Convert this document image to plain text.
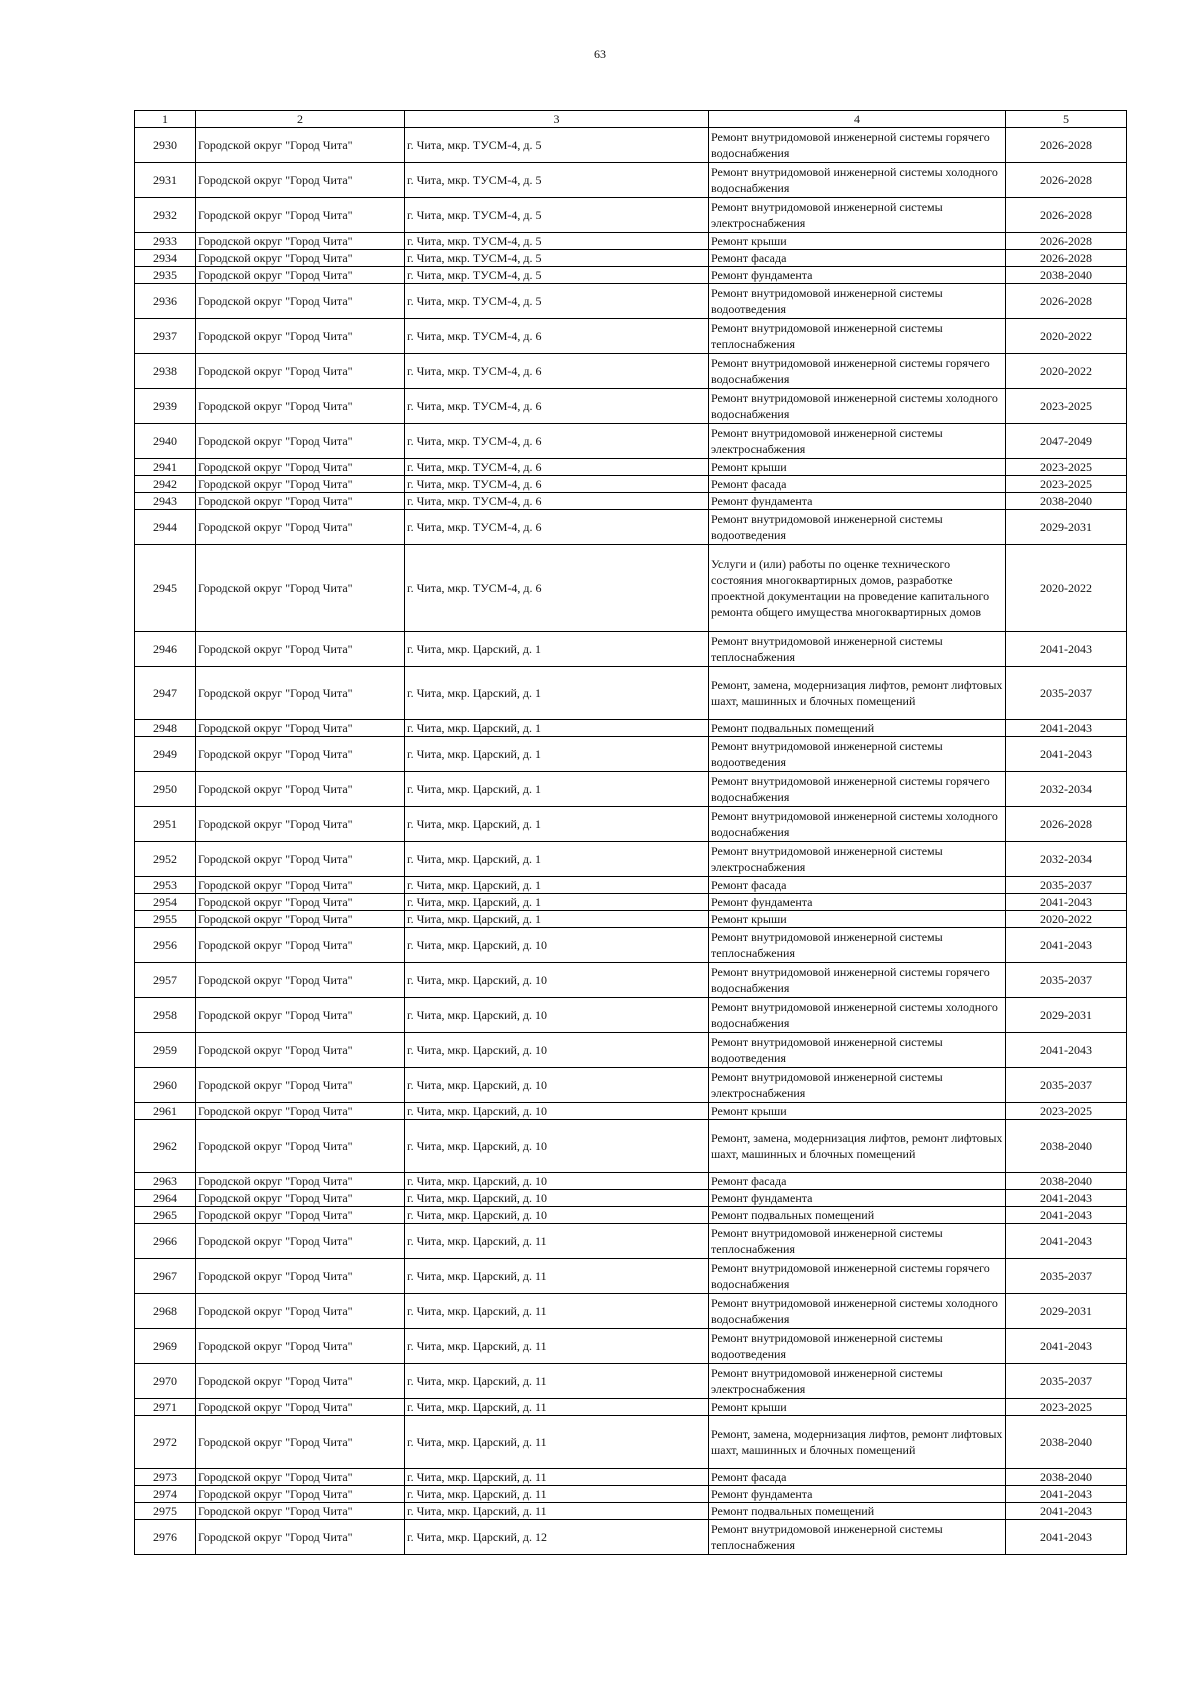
63
1	2	3	4	5
2930	Городской округ "Город Чита"	г. Чита, мкр. ТУСМ-4, д. 5	Ремонт внутридомовой инженерной системы горячего водоснабжения	2026-2028
2931	Городской округ "Город Чита"	г. Чита, мкр. ТУСМ-4, д. 5	Ремонт внутридомовой инженерной системы холодного водоснабжения	2026-2028
2932	Городской округ "Город Чита"	г. Чита, мкр. ТУСМ-4, д. 5	Ремонт внутридомовой инженерной системы электроснабжения	2026-2028
2933	Городской округ "Город Чита"	г. Чита, мкр. ТУСМ-4, д. 5	Ремонт крыши	2026-2028
2934	Городской округ "Город Чита"	г. Чита, мкр. ТУСМ-4, д. 5	Ремонт фасада	2026-2028
2935	Городской округ "Город Чита"	г. Чита, мкр. ТУСМ-4, д. 5	Ремонт фундамента	2038-2040
2936	Городской округ "Город Чита"	г. Чита, мкр. ТУСМ-4, д. 5	Ремонт внутридомовой инженерной системы водоотведения	2026-2028
2937	Городской округ "Город Чита"	г. Чита, мкр. ТУСМ-4, д. 6	Ремонт внутридомовой инженерной системы теплоснабжения	2020-2022
2938	Городской округ "Город Чита"	г. Чита, мкр. ТУСМ-4, д. 6	Ремонт внутридомовой инженерной системы горячего водоснабжения	2020-2022
2939	Городской округ "Город Чита"	г. Чита, мкр. ТУСМ-4, д. 6	Ремонт внутридомовой инженерной системы холодного водоснабжения	2023-2025
2940	Городской округ "Город Чита"	г. Чита, мкр. ТУСМ-4, д. 6	Ремонт внутридомовой инженерной системы электроснабжения	2047-2049
2941	Городской округ "Город Чита"	г. Чита, мкр. ТУСМ-4, д. 6	Ремонт крыши	2023-2025
2942	Городской округ "Город Чита"	г. Чита, мкр. ТУСМ-4, д. 6	Ремонт фасада	2023-2025
2943	Городской округ "Город Чита"	г. Чита, мкр. ТУСМ-4, д. 6	Ремонт фундамента	2038-2040
2944	Городской округ "Город Чита"	г. Чита, мкр. ТУСМ-4, д. 6	Ремонт внутридомовой инженерной системы водоотведения	2029-2031
2945	Городской округ "Город Чита"	г. Чита, мкр. ТУСМ-4, д. 6	Услуги и (или) работы по оценке технического состояния многоквартирных домов, разработке проектной документации на проведение капитального ремонта общего имущества многоквартирных домов	2020-2022
2946	Городской округ "Город Чита"	г. Чита, мкр. Царский, д. 1	Ремонт внутридомовой инженерной системы теплоснабжения	2041-2043
2947	Городской округ "Город Чита"	г. Чита, мкр. Царский, д. 1	Ремонт, замена, модернизация лифтов, ремонт лифтовых шахт, машинных и блочных помещений	2035-2037
2948	Городской округ "Город Чита"	г. Чита, мкр. Царский, д. 1	Ремонт подвальных помещений	2041-2043
2949	Городской округ "Город Чита"	г. Чита, мкр. Царский, д. 1	Ремонт внутридомовой инженерной системы водоотведения	2041-2043
2950	Городской округ "Город Чита"	г. Чита, мкр. Царский, д. 1	Ремонт внутридомовой инженерной системы горячего водоснабжения	2032-2034
2951	Городской округ "Город Чита"	г. Чита, мкр. Царский, д. 1	Ремонт внутридомовой инженерной системы холодного водоснабжения	2026-2028
2952	Городской округ "Город Чита"	г. Чита, мкр. Царский, д. 1	Ремонт внутридомовой инженерной системы электроснабжения	2032-2034
2953	Городской округ "Город Чита"	г. Чита, мкр. Царский, д. 1	Ремонт фасада	2035-2037
2954	Городской округ "Город Чита"	г. Чита, мкр. Царский, д. 1	Ремонт фундамента	2041-2043
2955	Городской округ "Город Чита"	г. Чита, мкр. Царский, д. 1	Ремонт крыши	2020-2022
2956	Городской округ "Город Чита"	г. Чита, мкр. Царский, д. 10	Ремонт внутридомовой инженерной системы теплоснабжения	2041-2043
2957	Городской округ "Город Чита"	г. Чита, мкр. Царский, д. 10	Ремонт внутридомовой инженерной системы горячего водоснабжения	2035-2037
2958	Городской округ "Город Чита"	г. Чита, мкр. Царский, д. 10	Ремонт внутридомовой инженерной системы холодного водоснабжения	2029-2031
2959	Городской округ "Город Чита"	г. Чита, мкр. Царский, д. 10	Ремонт внутридомовой инженерной системы водоотведения	2041-2043
2960	Городской округ "Город Чита"	г. Чита, мкр. Царский, д. 10	Ремонт внутридомовой инженерной системы электроснабжения	2035-2037
2961	Городской округ "Город Чита"	г. Чита, мкр. Царский, д. 10	Ремонт крыши	2023-2025
2962	Городской округ "Город Чита"	г. Чита, мкр. Царский, д. 10	Ремонт, замена, модернизация лифтов, ремонт лифтовых шахт, машинных и блочных помещений	2038-2040
2963	Городской округ "Город Чита"	г. Чита, мкр. Царский, д. 10	Ремонт фасада	2038-2040
2964	Городской округ "Город Чита"	г. Чита, мкр. Царский, д. 10	Ремонт фундамента	2041-2043
2965	Городской округ "Город Чита"	г. Чита, мкр. Царский, д. 10	Ремонт подвальных помещений	2041-2043
2966	Городской округ "Город Чита"	г. Чита, мкр. Царский, д. 11	Ремонт внутридомовой инженерной системы теплоснабжения	2041-2043
2967	Городской округ "Город Чита"	г. Чита, мкр. Царский, д. 11	Ремонт внутридомовой инженерной системы горячего водоснабжения	2035-2037
2968	Городской округ "Город Чита"	г. Чита, мкр. Царский, д. 11	Ремонт внутридомовой инженерной системы холодного водоснабжения	2029-2031
2969	Городской округ "Город Чита"	г. Чита, мкр. Царский, д. 11	Ремонт внутридомовой инженерной системы водоотведения	2041-2043
2970	Городской округ "Город Чита"	г. Чита, мкр. Царский, д. 11	Ремонт внутридомовой инженерной системы электроснабжения	2035-2037
2971	Городской округ "Город Чита"	г. Чита, мкр. Царский, д. 11	Ремонт крыши	2023-2025
2972	Городской округ "Город Чита"	г. Чита, мкр. Царский, д. 11	Ремонт, замена, модернизация лифтов, ремонт лифтовых шахт, машинных и блочных помещений	2038-2040
2973	Городской округ "Город Чита"	г. Чита, мкр. Царский, д. 11	Ремонт фасада	2038-2040
2974	Городской округ "Город Чита"	г. Чита, мкр. Царский, д. 11	Ремонт фундамента	2041-2043
2975	Городской округ "Город Чита"	г. Чита, мкр. Царский, д. 11	Ремонт подвальных помещений	2041-2043
2976	Городской округ "Город Чита"	г. Чита, мкр. Царский, д. 12	Ремонт внутридомовой инженерной системы теплоснабжения	2041-2043
